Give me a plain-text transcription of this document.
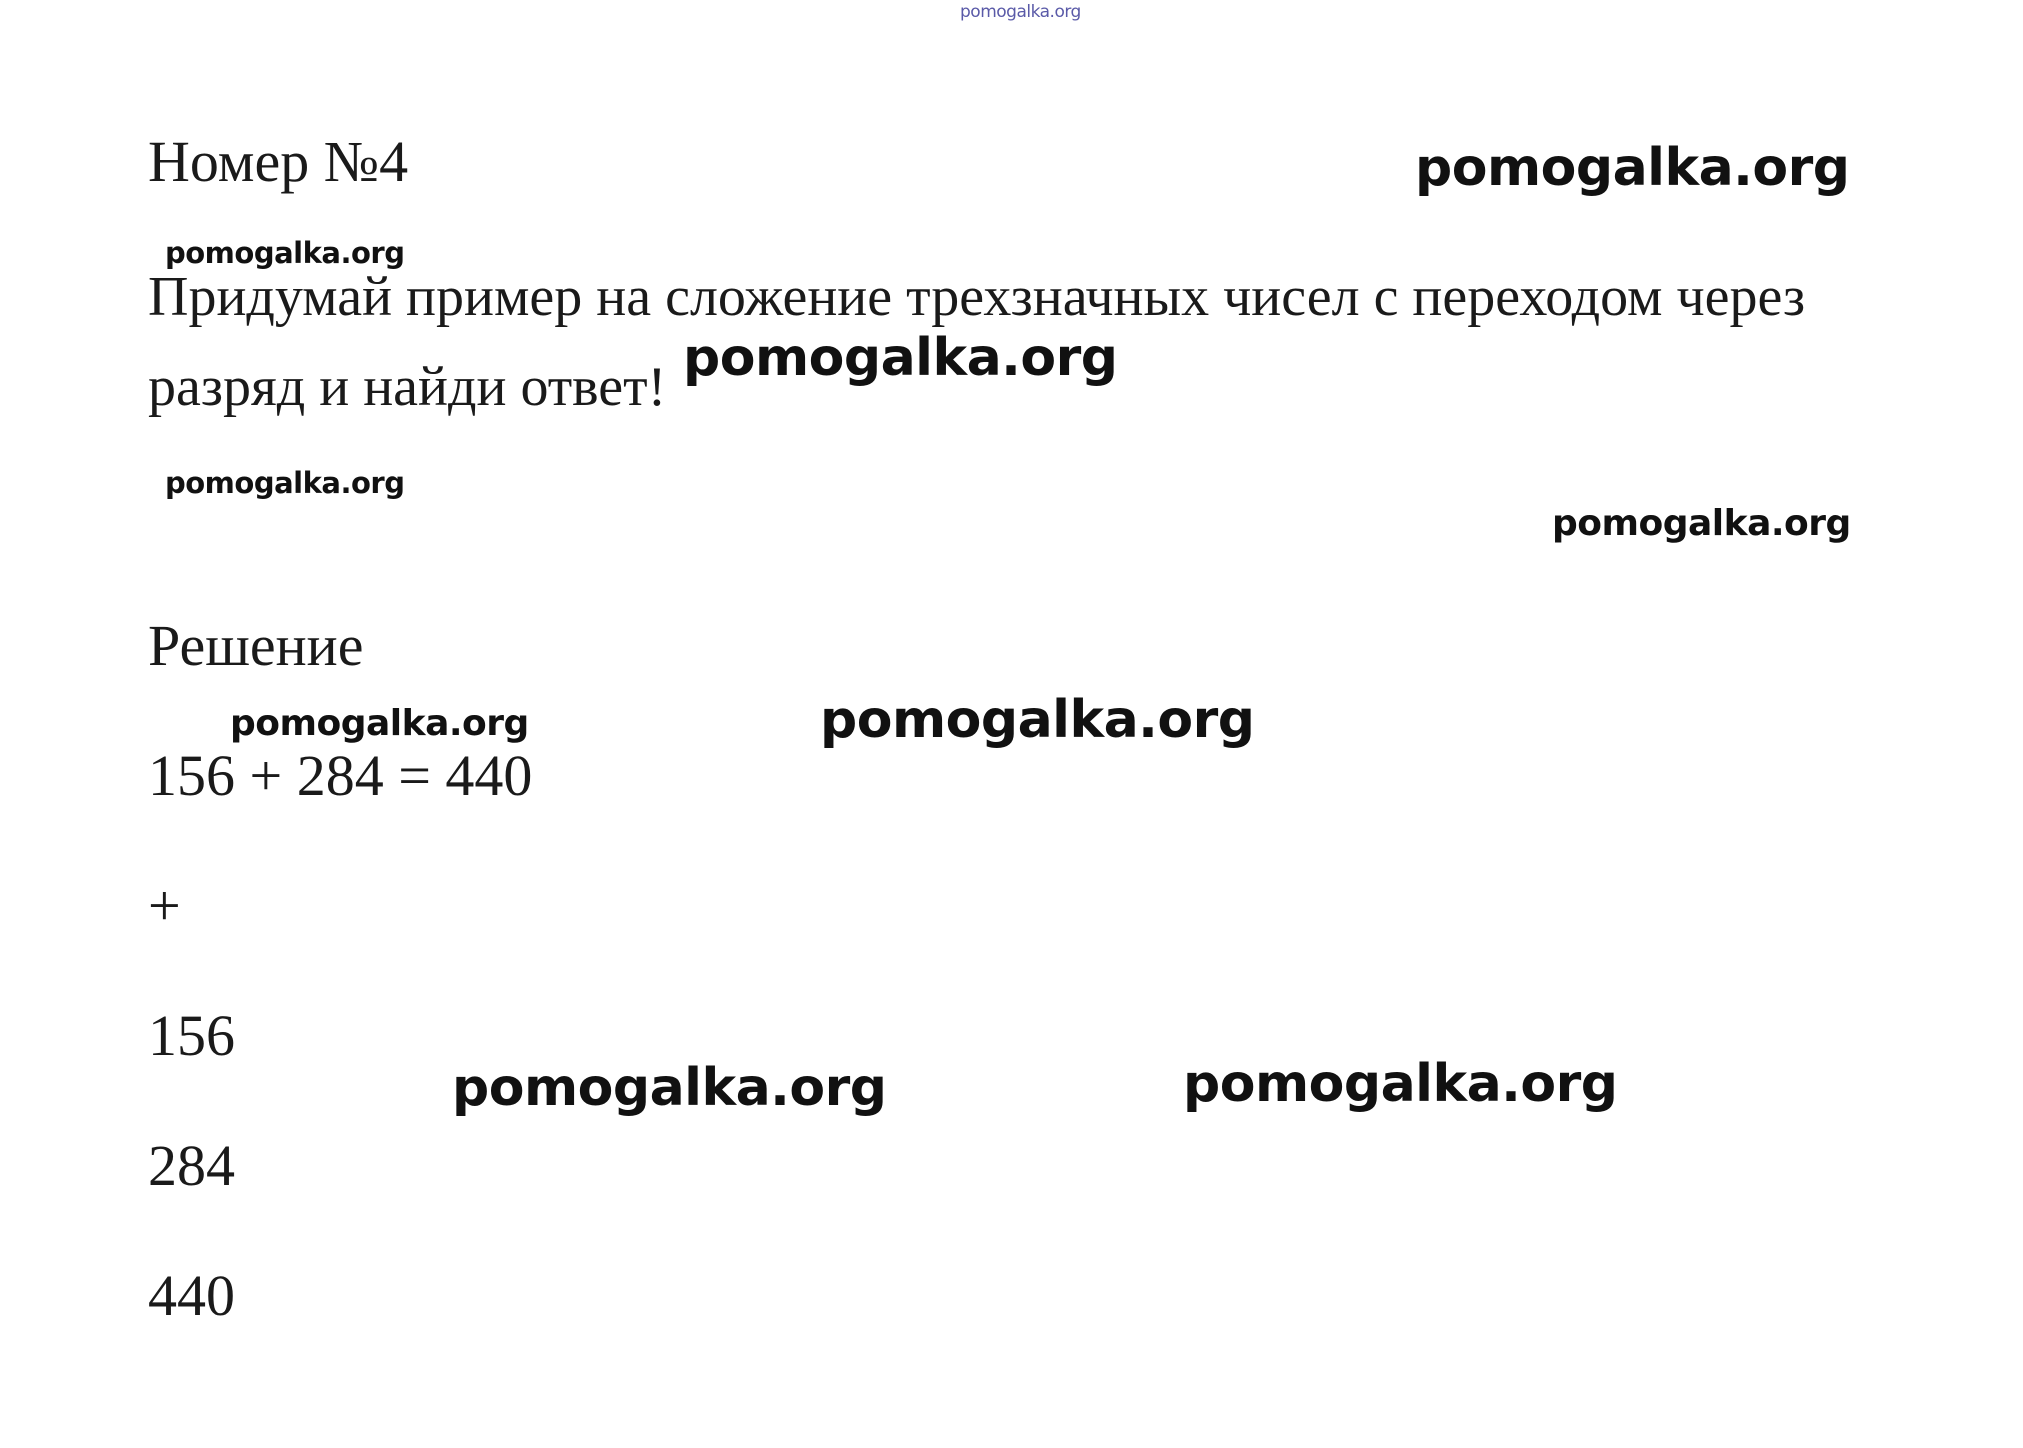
Номер №4

Придумай пример на сложение трехзначных чисел с переходом через

разряд и найди ответ!

Решение

156 + 284 = 440

+

156

284

440

pomogalka.org
pomogalka.org
pomogalka.org
pomogalka.org
pomogalka.org
pomogalka.org
pomogalka.org	pomogalka.org
pomogalka.org	pomogalka.org
